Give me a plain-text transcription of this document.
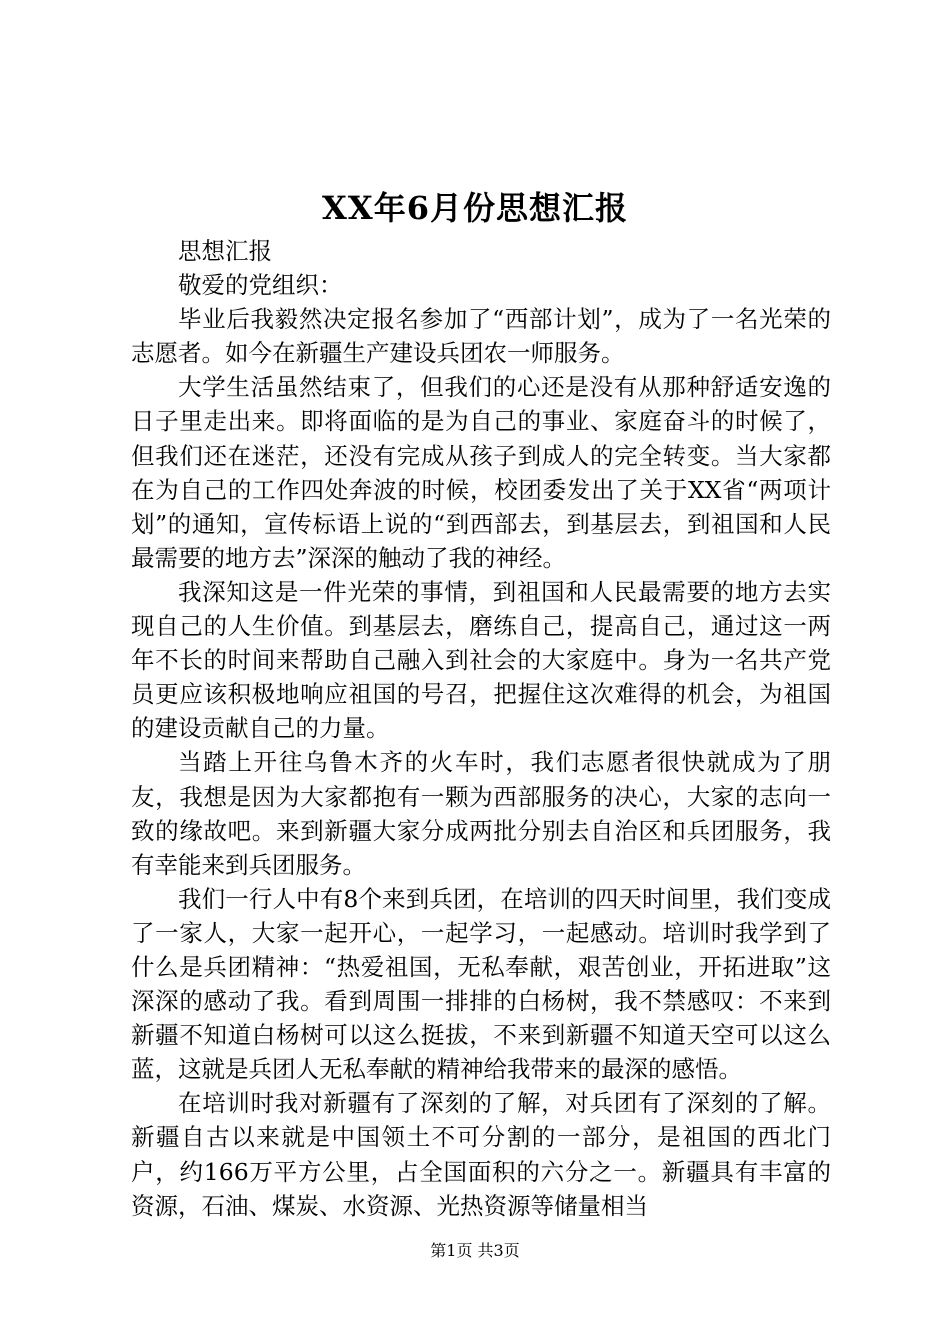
XX年6月份思想汇报

思想汇报

敬爱的党组织：

毕业后我毅然决定报名参加了“西部计划”，成为了一名光荣的志愿者。如今在新疆生产建设兵团农一师服务。

大学生活虽然结束了，但我们的心还是没有从那种舒适安逸的日子里走出来。即将面临的是为自己的事业、家庭奋斗的时候了，但我们还在迷茫，还没有完成从孩子到成人的完全转变。当大家都在为自己的工作四处奔波的时候，校团委发出了关于XX省“两项计划”的通知，宣传标语上说的“到西部去，到基层去，到祖国和人民最需要的地方去”深深的触动了我的神经。

我深知这是一件光荣的事情，到祖国和人民最需要的地方去实现自己的人生价值。到基层去，磨练自己，提高自己，通过这一两年不长的时间来帮助自己融入到社会的大家庭中。身为一名共产党员更应该积极地响应祖国的号召，把握住这次难得的机会，为祖国的建设贡献自己的力量。

当踏上开往乌鲁木齐的火车时，我们志愿者很快就成为了朋友，我想是因为大家都抱有一颗为西部服务的决心，大家的志向一致的缘故吧。来到新疆大家分成两批分别去自治区和兵团服务，我有幸能来到兵团服务。

我们一行人中有8个来到兵团，在培训的四天时间里，我们变成了一家人，大家一起开心，一起学习，一起感动。培训时我学到了什么是兵团精神：“热爱祖国，无私奉献，艰苦创业，开拓进取”这深深的感动了我。看到周围一排排的白杨树，我不禁感叹：不来到新疆不知道白杨树可以这么挺拔，不来到新疆不知道天空可以这么蓝，这就是兵团人无私奉献的精神给我带来的最深的感悟。

在培训时我对新疆有了深刻的了解，对兵团有了深刻的了解。新疆自古以来就是中国领土不可分割的一部分，是祖国的西北门户，约166万平方公里，占全国面积的六分之一。新疆具有丰富的资源，石油、煤炭、水资源、光热资源等储量相当

第1页 共3页
